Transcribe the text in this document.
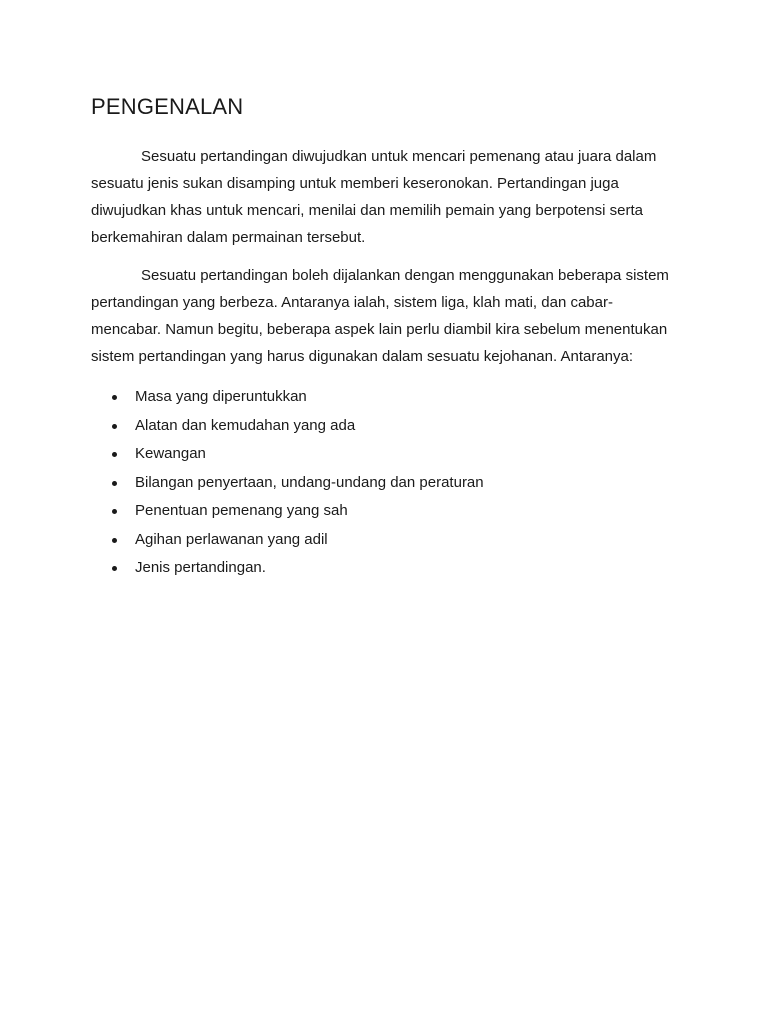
PENGENALAN

Sesuatu pertandingan diwujudkan untuk mencari pemenang atau juara dalam sesuatu jenis sukan disamping untuk memberi keseronokan. Pertandingan juga diwujudkan khas untuk mencari, menilai dan memilih pemain yang berpotensi serta berkemahiran dalam permainan tersebut.

Sesuatu pertandingan boleh dijalankan dengan menggunakan beberapa sistem pertandingan yang berbeza. Antaranya ialah, sistem liga, klah mati, dan cabar-mencabar. Namun begitu, beberapa aspek lain perlu diambil kira sebelum menentukan sistem pertandingan yang harus digunakan dalam sesuatu kejohanan. Antaranya:

Masa yang diperuntukkan
Alatan dan kemudahan yang ada
Kewangan
Bilangan penyertaan, undang-undang dan peraturan
Penentuan pemenang yang sah
Agihan perlawanan yang adil
Jenis pertandingan.
